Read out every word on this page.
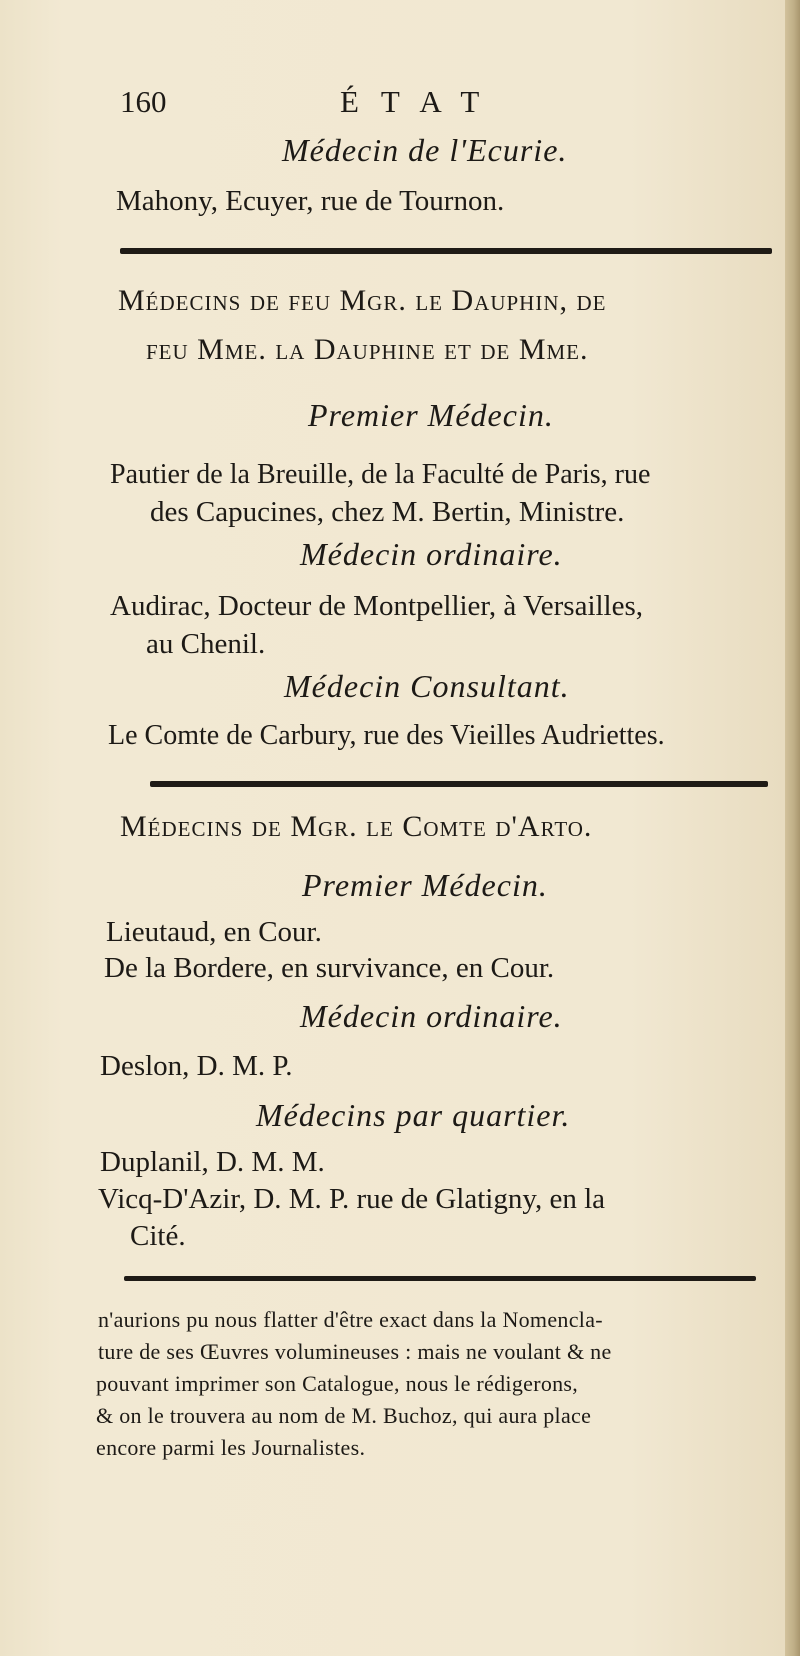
160	ÉTAT
Médecin de l'Ecurie.
Mahony, Ecuyer, rue de Tournon.
Médecins de feu Mgr. le Dauphin, de
feu Mme. la Dauphine et de Mme.
Premier Médecin.
Pautier de la Breuille, de la Faculté de Paris, rue
des Capucines, chez M. Bertin, Ministre.
Médecin ordinaire.
Audirac, Docteur de Montpellier, à Versailles,
au Chenil.
Médecin Consultant.
Le Comte de Carbury, rue des Vieilles Audriettes.
Médecins de Mgr. le Comte d'Arto.
Premier Médecin.
Lieutaud, en Cour.
De la Bordere, en survivance, en Cour.
Médecin ordinaire.
Deslon, D. M. P.
Médecins par quartier.
Duplanil, D. M. M.
Vicq-D'Azir, D. M. P. rue de Glatigny, en la
Cité.
n'aurions pu nous flatter d'être exact dans la Nomencla-
ture de ses Œuvres volumineuses : mais ne voulant & ne
pouvant imprimer son Catalogue, nous le rédigerons,
& on le trouvera au nom de M. Buchoz, qui aura place
encore parmi les Journalistes.
